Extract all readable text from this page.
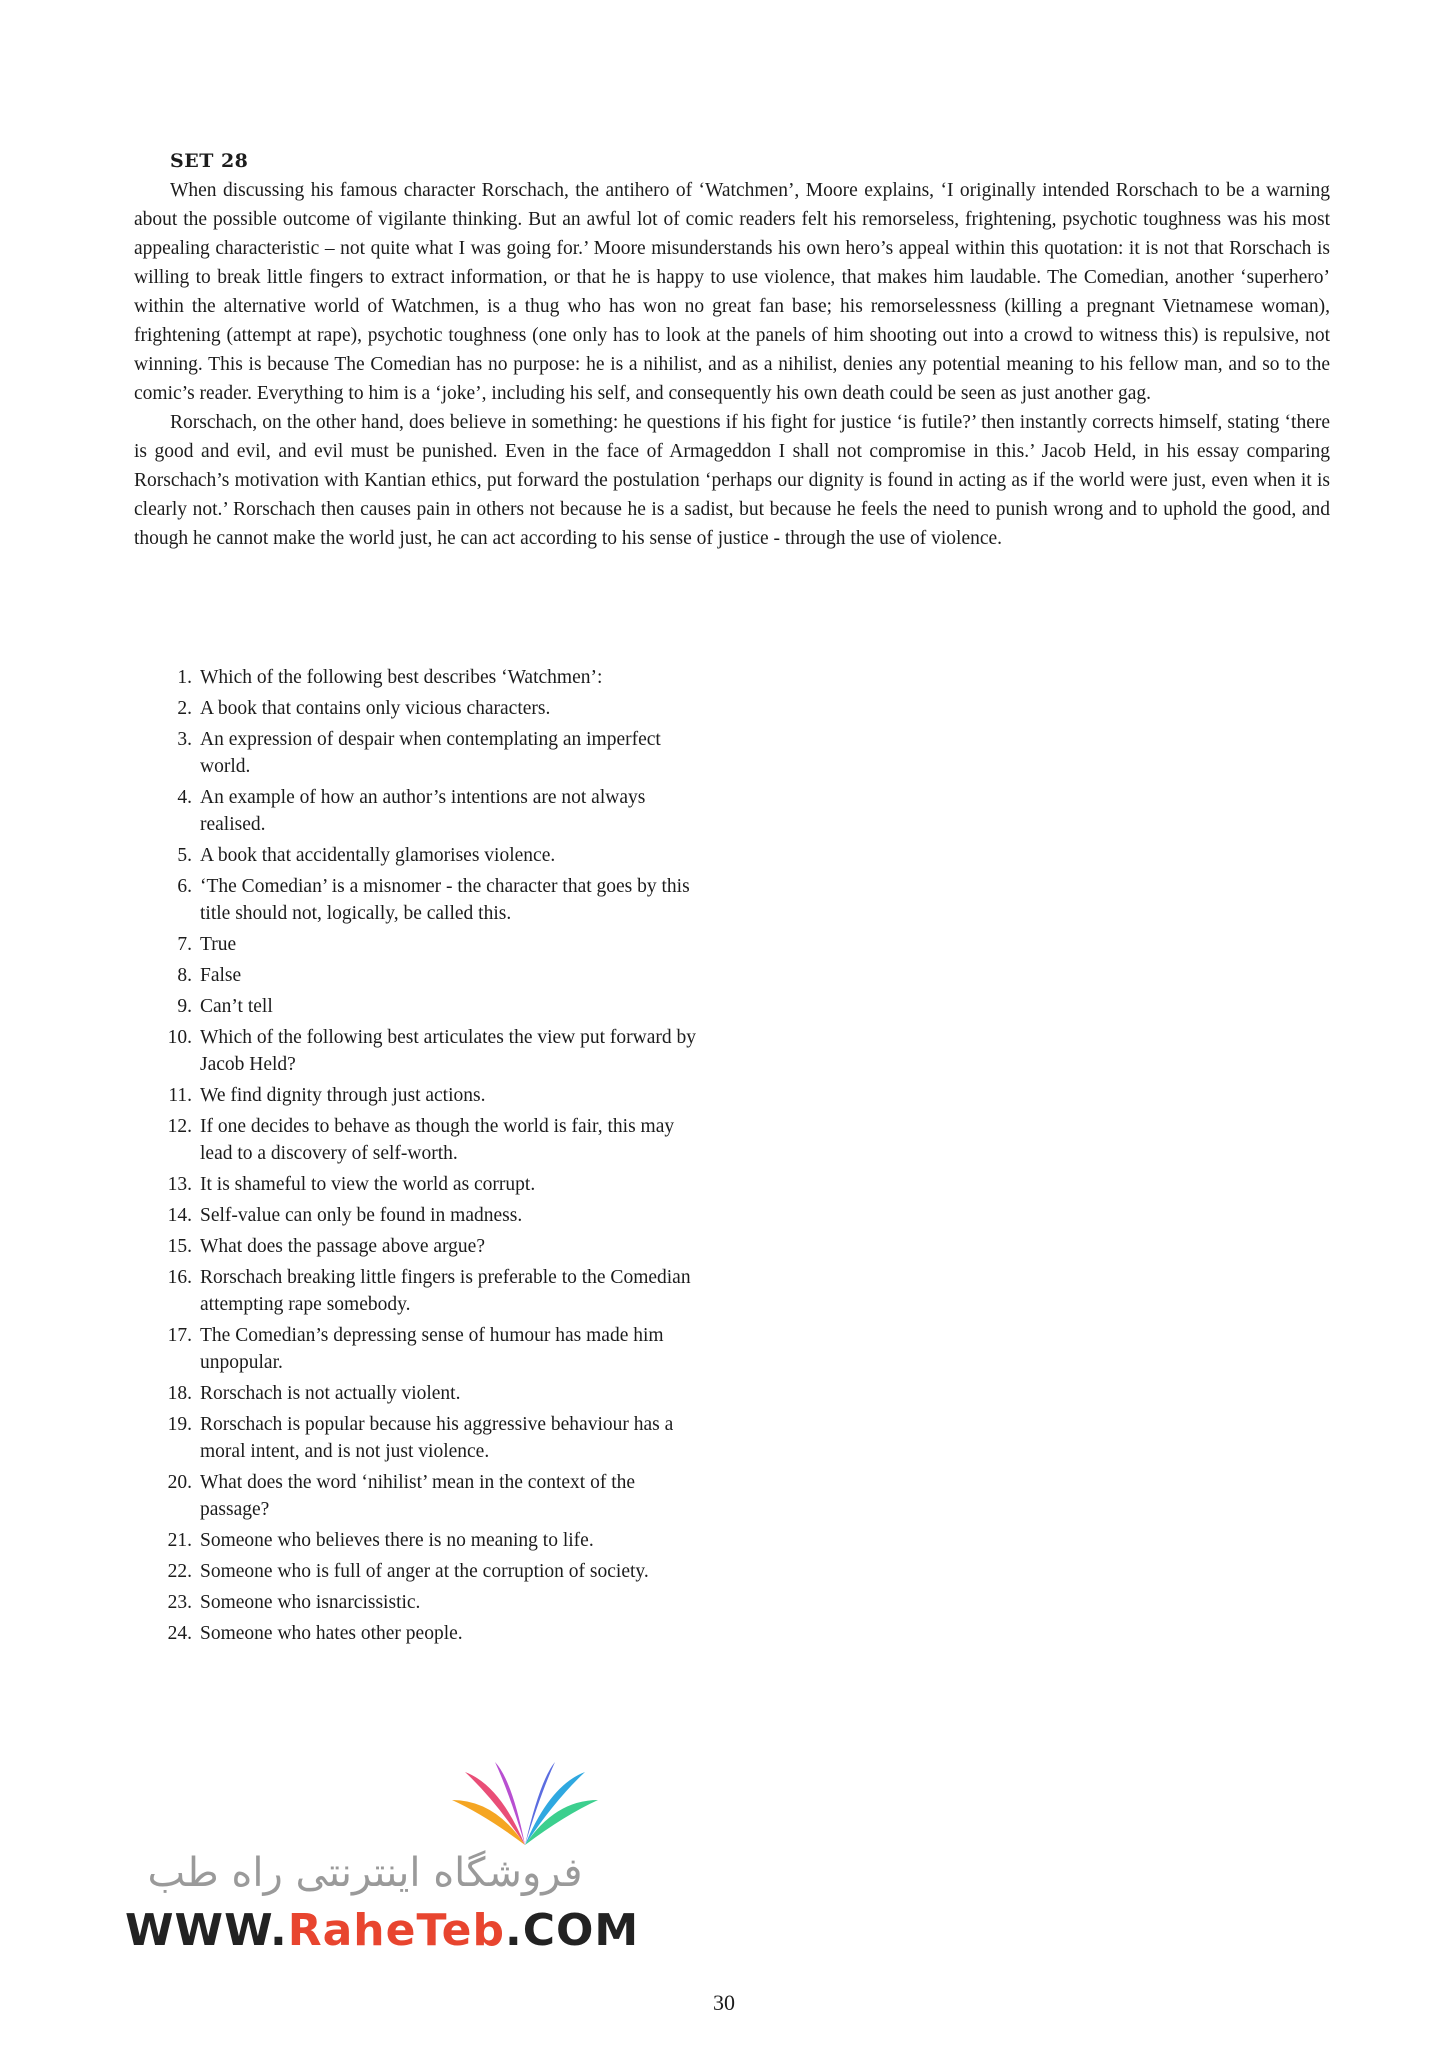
SET 28

When discussing his famous character Rorschach, the antihero of ‘Watchmen’, Moore explains, ‘I originally intended Rorschach to be a warning about the possible outcome of vigilante thinking. But an awful lot of comic readers felt his remorseless, frightening, psychotic toughness was his most appealing characteristic – not quite what I was going for.’ Moore misunderstands his own hero’s appeal within this quotation: it is not that Rorschach is willing to break little fingers to extract information, or that he is happy to use violence, that makes him laudable. The Comedian, another ‘superhero’ within the alternative world of Watchmen, is a thug who has won no great fan base; his remorselessness (killing a pregnant Vietnamese woman), frightening (attempt at rape), psychotic toughness (one only has to look at the panels of him shooting out into a crowd to witness this) is repulsive, not winning. This is because The Comedian has no purpose: he is a nihilist, and as a nihilist, denies any potential meaning to his fellow man, and so to the comic’s reader. Everything to him is a ‘joke’, including his self, and consequently his own death could be seen as just another gag.

Rorschach, on the other hand, does believe in something: he questions if his fight for justice ‘is futile?’ then instantly corrects himself, stating ‘there is good and evil, and evil must be punished. Even in the face of Armageddon I shall not compromise in this.’ Jacob Held, in his essay comparing Rorschach’s motivation with Kantian ethics, put forward the postulation ‘perhaps our dignity is found in acting as if the world were just, even when it is clearly not.’ Rorschach then causes pain in others not because he is a sadist, but because he feels the need to punish wrong and to uphold the good, and though he cannot make the world just, he can act according to his sense of justice - through the use of violence.

1. Which of the following best describes ‘Watchmen’:
2. A book that contains only vicious characters.
3. An expression of despair when contemplating an imperfect world.
4. An example of how an author’s intentions are not always realised.
5. A book that accidentally glamorises violence.
6. ‘The Comedian’ is a misnomer - the character that goes by this title should not, logically, be called this.
7. True
8. False
9. Can’t tell
10. Which of the following best articulates the view put forward by Jacob Held?
11. We find dignity through just actions.
12. If one decides to behave as though the world is fair, this may lead to a discovery of self-worth.
13. It is shameful to view the world as corrupt.
14. Self-value can only be found in madness.
15. What does the passage above argue?
16. Rorschach breaking little fingers is preferable to the Comedian attempting rape somebody.
17. The Comedian’s depressing sense of humour has made him unpopular.
18. Rorschach is not actually violent.
19. Rorschach is popular because his aggressive behaviour has a moral intent, and is not just violence.
20. What does the word ‘nihilist’ mean in the context of the passage?
21. Someone who believes there is no meaning to life.
22. Someone who is full of anger at the corruption of society.
23. Someone who isnarcissistic.
24. Someone who hates other people.
فروشگاه اینترنتی راه طب
WWW.RaheTeb.COM
30
